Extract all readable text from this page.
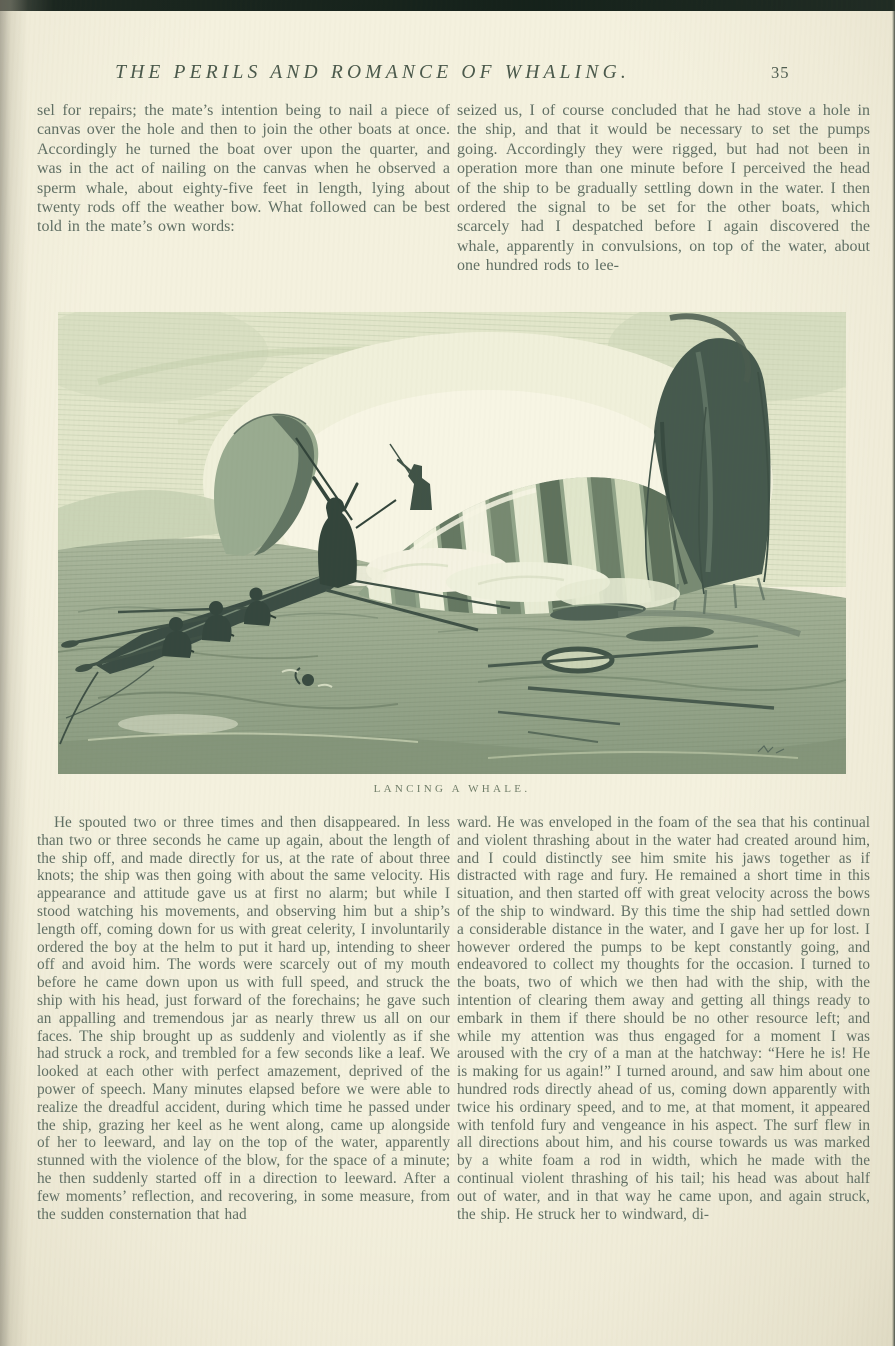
THE PERILS AND ROMANCE OF WHALING.	35

sel for repairs; the mate’s intention being to nail a piece of canvas over the hole and then to join the other boats at once. Accordingly he turned the boat over upon the quarter, and was in the act of nailing on the canvas when he observed a sperm whale, about eighty-five feet in length, lying about twenty rods off the weather bow. What followed can be best told in the mate’s own words:

seized us, I of course concluded that he had stove a hole in the ship, and that it would be necessary to set the pumps going. Accordingly they were rigged, but had not been in operation more than one minute before I perceived the head of the ship to be gradually settling down in the water. I then ordered the signal to be set for the other boats, which scarcely had I despatched before I again discovered the whale, apparently in convulsions, on top of the water, about one hundred rods to lee-

LANCING A WHALE.

He spouted two or three times and then disappeared. In less than two or three seconds he came up again, about the length of the ship off, and made directly for us, at the rate of about three knots; the ship was then going with about the same velocity. His appearance and attitude gave us at first no alarm; but while I stood watching his movements, and observing him but a ship’s length off, coming down for us with great celerity, I involuntarily ordered the boy at the helm to put it hard up, intending to sheer off and avoid him. The words were scarcely out of my mouth before he came down upon us with full speed, and struck the ship with his head, just forward of the forechains; he gave such an appalling and tremendous jar as nearly threw us all on our faces. The ship brought up as suddenly and violently as if she had struck a rock, and trembled for a few seconds like a leaf. We looked at each other with perfect amazement, deprived of the power of speech. Many minutes elapsed before we were able to realize the dreadful accident, during which time he passed under the ship, grazing her keel as he went along, came up alongside of her to leeward, and lay on the top of the water, apparently stunned with the violence of the blow, for the space of a minute; he then suddenly started off in a direction to leeward. After a few moments’ reflection, and recovering, in some measure, from the sudden consternation that had

ward. He was enveloped in the foam of the sea that his continual and violent thrashing about in the water had created around him, and I could distinctly see him smite his jaws together as if distracted with rage and fury. He remained a short time in this situation, and then started off with great velocity across the bows of the ship to windward. By this time the ship had settled down a considerable distance in the water, and I gave her up for lost. I however ordered the pumps to be kept constantly going, and endeavored to collect my thoughts for the occasion. I turned to the boats, two of which we then had with the ship, with the intention of clearing them away and getting all things ready to embark in them if there should be no other resource left; and while my attention was thus engaged for a moment I was aroused with the cry of a man at the hatchway: “Here he is! He is making for us again!” I turned around, and saw him about one hundred rods directly ahead of us, coming down apparently with twice his ordinary speed, and to me, at that moment, it appeared with tenfold fury and vengeance in his aspect. The surf flew in all directions about him, and his course towards us was marked by a white foam a rod in width, which he made with the continual violent thrashing of his tail; his head was about half out of water, and in that way he came upon, and again struck, the ship. He struck her to windward, di-
